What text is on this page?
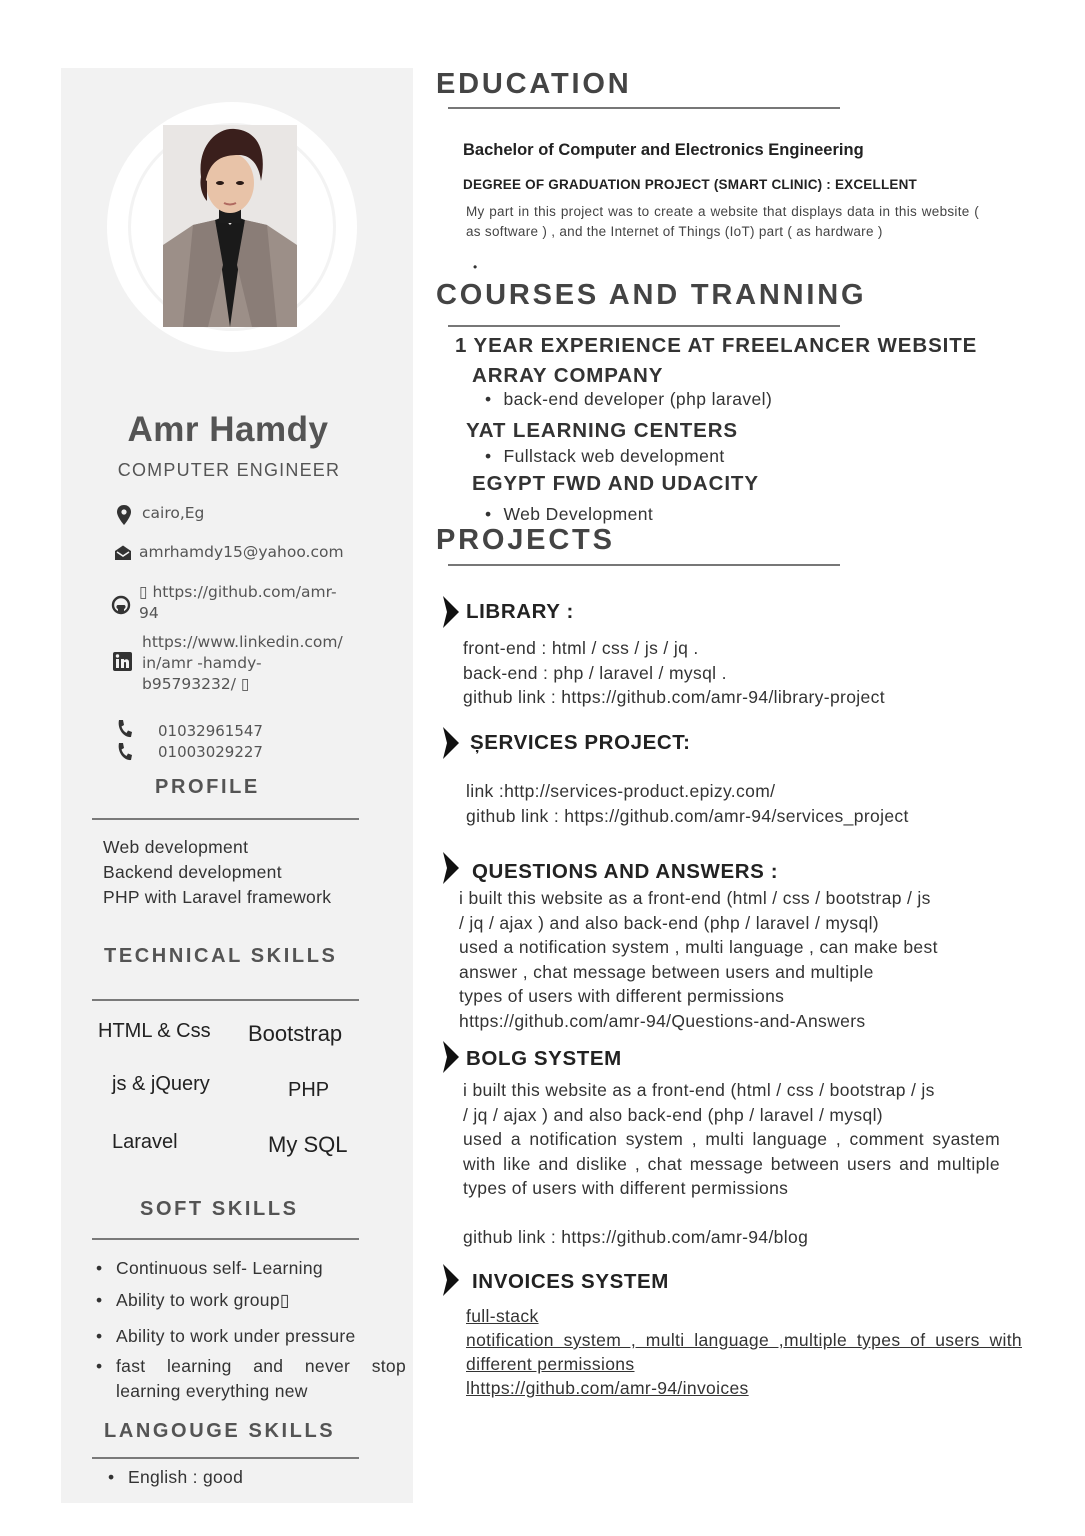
Amr Hamdy
COMPUTER ENGINEER
cairo,Eg
amrhamdy15@yahoo.com
▯ https://github.com/amr-
94
https://www.linkedin.com/
in/amr -hamdy-
b95793232/ ▯
01032961547
01003029227
PROFILE
Web development
Backend development
PHP with Laravel framework
TECHNICAL SKILLS
HTML & Css Bootstrap
js & jQuery	PHP
Laravel	My SQL
SOFT SKILLS
• Continuous self- Learning
• Ability to work group▯
• Ability to work under pressure
• fast learning and never stop learning everything new
LANGOUGE SKILLS
• English : good
EDUCATION
Bachelor of Computer and Electronics Engineering
DEGREE OF GRADUATION PROJECT (SMART CLINIC) : EXCELLENT
My part in this project was to create a website that displays data in this website ( as software ) , and the Internet of Things (IoT) part ( as hardware )
•
COURSES AND TRANNING
1 YEAR EXPERIENCE AT FREELANCER WEBSITE
ARRAY COMPANY
• back-end developer (php laravel)
YAT LEARNING CENTERS
• Fullstack web development
EGYPT FWD AND UDACITY
• Web Development
PROJECTS
LIBRARY :
front-end : html / css / js / jq .
back-end : php / laravel / mysql .
github link : https://github.com/amr-94/library-project
ȘERVICES PROJECT:
link :http://services-product.epizy.com/
github link : https://github.com/amr-94/services_project
QUESTIONS AND ANSWERS :
i built this website as a front-end (html / css / bootstrap / js
/ jq / ajax ) and also back-end (php / laravel / mysql)
used a notification system , multi language , can make best
answer , chat message between users and multiple
types of users with different permissions
https://github.com/amr-94/Questions-and-Answers
BOLG SYSTEM
i built this website as a front-end (html / css / bootstrap / js
/ jq / ajax ) and also back-end (php / laravel / mysql)
used a notification system , multi language , comment syastem with like and dislike , chat message between users and multiple types of users with different permissions
github link : https://github.com/amr-94/blog
INVOICES SYSTEM
full-stack
notification system , multi language ,multiple types of users with different permissions
lhttps://github.com/amr-94/invoices
